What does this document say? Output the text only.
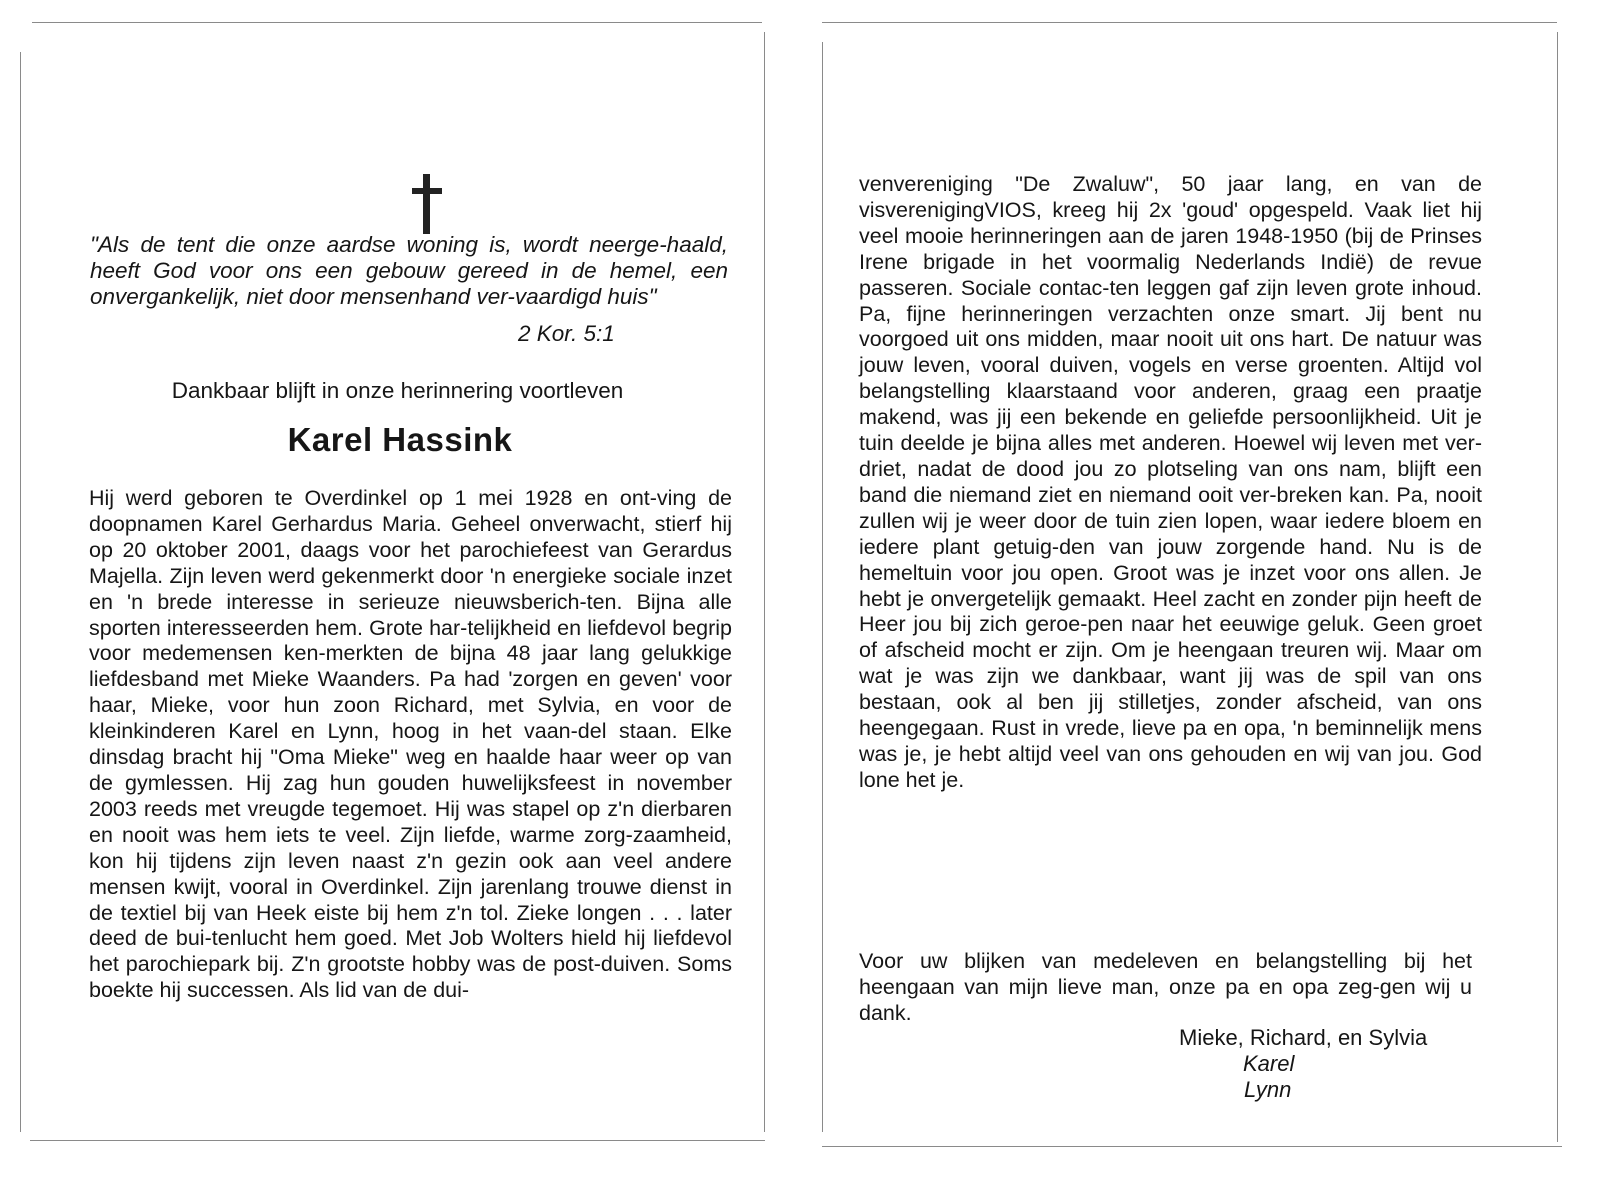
"Als de tent die onze aardse woning is, wordt neerge-haald, heeft God voor ons een gebouw gereed in de hemel, een onvergankelijk, niet door mensenhand ver-vaardigd huis"

2 Kor. 5:1
Dankbaar blijft in onze herinnering voortleven
Karel Hassink

Hij werd geboren te Overdinkel op 1 mei 1928 en ont-ving de doopnamen Karel Gerhardus Maria. Geheel onverwacht, stierf hij op 20 oktober 2001, daags voor het parochiefeest van Gerardus Majella. Zijn leven werd gekenmerkt door 'n energieke sociale inzet en 'n brede interesse in serieuze nieuwsberich-ten. Bijna alle sporten interesseerden hem. Grote har-telijkheid en liefdevol begrip voor medemensen ken-merkten de bijna 48 jaar lang gelukkige liefdesband met Mieke Waanders. Pa had 'zorgen en geven' voor haar, Mieke, voor hun zoon Richard, met Sylvia, en voor de kleinkinderen Karel en Lynn, hoog in het vaan-del staan. Elke dinsdag bracht hij "Oma Mieke" weg en haalde haar weer op van de gymlessen. Hij zag hun gouden huwelijksfeest in november 2003 reeds met vreugde tegemoet. Hij was stapel op z'n dierbaren en nooit was hem iets te veel. Zijn liefde, warme zorg-zaamheid, kon hij tijdens zijn leven naast z'n gezin ook aan veel andere mensen kwijt, vooral in Overdinkel. Zijn jarenlang trouwe dienst in de textiel bij van Heek eiste bij hem z'n tol. Zieke longen . . . later deed de bui-tenlucht hem goed. Met Job Wolters hield hij liefdevol het parochiepark bij. Z'n grootste hobby was de post-duiven. Soms boekte hij successen. Als lid van de dui-

venvereniging "De Zwaluw", 50 jaar lang, en van de visverenigingVIOS, kreeg hij 2x 'goud' opgespeld. Vaak liet hij veel mooie herinneringen aan de jaren 1948-1950 (bij de Prinses Irene brigade in het voormalig Nederlands Indië) de revue passeren. Sociale contac-ten leggen gaf zijn leven grote inhoud. Pa, fijne herinneringen verzachten onze smart. Jij bent nu voorgoed uit ons midden, maar nooit uit ons hart. De natuur was jouw leven, vooral duiven, vogels en verse groenten. Altijd vol belangstelling klaarstaand voor anderen, graag een praatje makend, was jij een bekende en geliefde persoonlijkheid. Uit je tuin deelde je bijna alles met anderen. Hoewel wij leven met ver-driet, nadat de dood jou zo plotseling van ons nam, blijft een band die niemand ziet en niemand ooit ver-breken kan. Pa, nooit zullen wij je weer door de tuin zien lopen, waar iedere bloem en iedere plant getuig-den van jouw zorgende hand. Nu is de hemeltuin voor jou open. Groot was je inzet voor ons allen. Je hebt je onvergetelijk gemaakt. Heel zacht en zonder pijn heeft de Heer jou bij zich geroe-pen naar het eeuwige geluk. Geen groet of afscheid mocht er zijn. Om je heengaan treuren wij. Maar om wat je was zijn we dankbaar, want jij was de spil van ons bestaan, ook al ben jij stilletjes, zonder afscheid, van ons heengegaan. Rust in vrede, lieve pa en opa, 'n beminnelijk mens was je, je hebt altijd veel van ons gehouden en wij van jou. God lone het je.

Voor uw blijken van medeleven en belangstelling bij het heengaan van mijn lieve man, onze pa en opa zeg-gen wij u dank.

Mieke, Richard, en Sylvia
Karel
Lynn
